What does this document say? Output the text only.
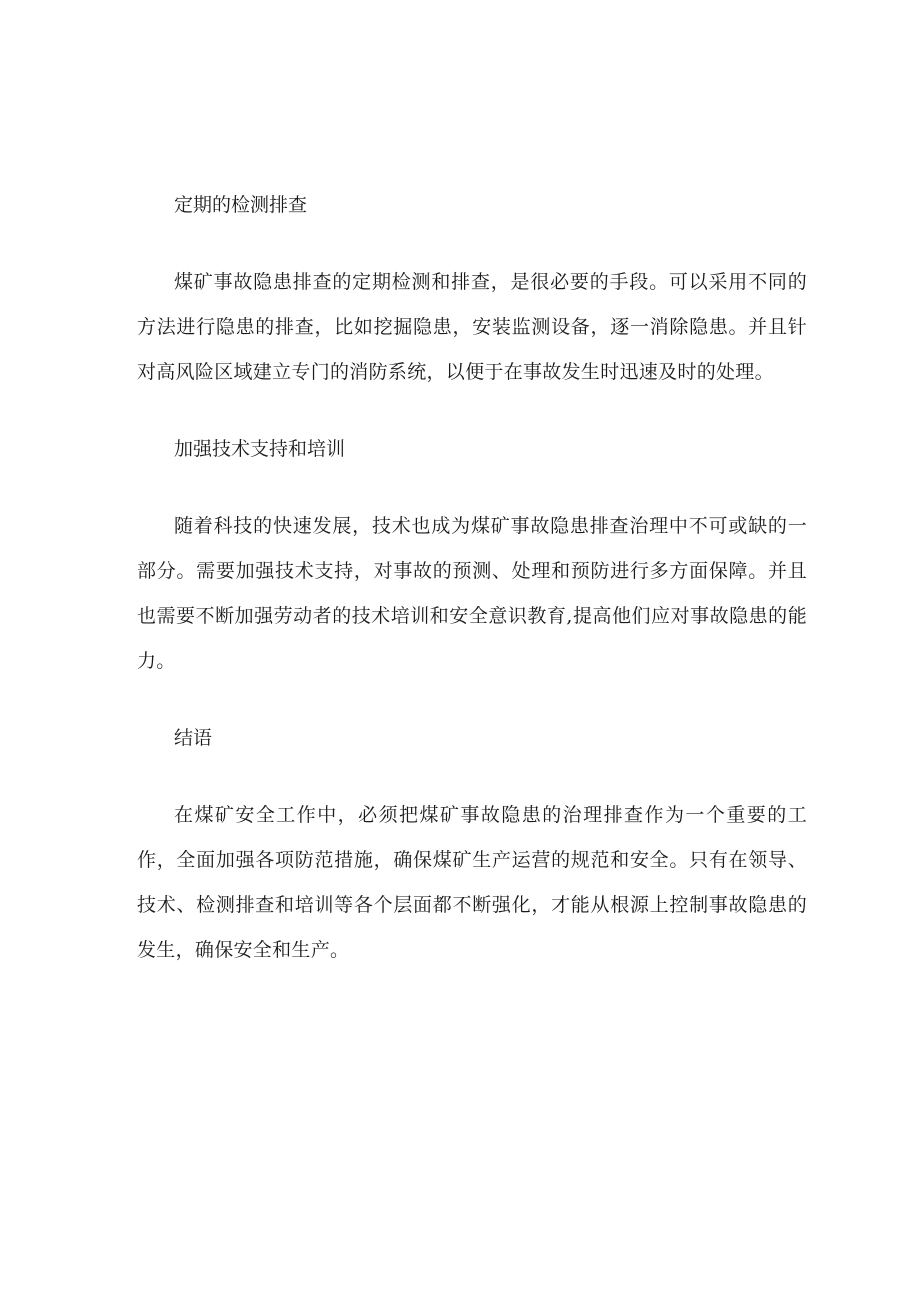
定期的检测排查

煤矿事故隐患排查的定期检测和排查，是很必要的手段。可以采用不同的方法进行隐患的排查，比如挖掘隐患，安装监测设备，逐一消除隐患。并且针对高风险区域建立专门的消防系统，以便于在事故发生时迅速及时的处理。

加强技术支持和培训

随着科技的快速发展，技术也成为煤矿事故隐患排查治理中不可或缺的一部分。需要加强技术支持，对事故的预测、处理和预防进行多方面保障。并且也需要不断加强劳动者的技术培训和安全意识教育,提高他们应对事故隐患的能力。

结语

在煤矿安全工作中，必须把煤矿事故隐患的治理排查作为一个重要的工作，全面加强各项防范措施，确保煤矿生产运营的规范和安全。只有在领导、技术、检测排查和培训等各个层面都不断强化，才能从根源上控制事故隐患的发生，确保安全和生产。
